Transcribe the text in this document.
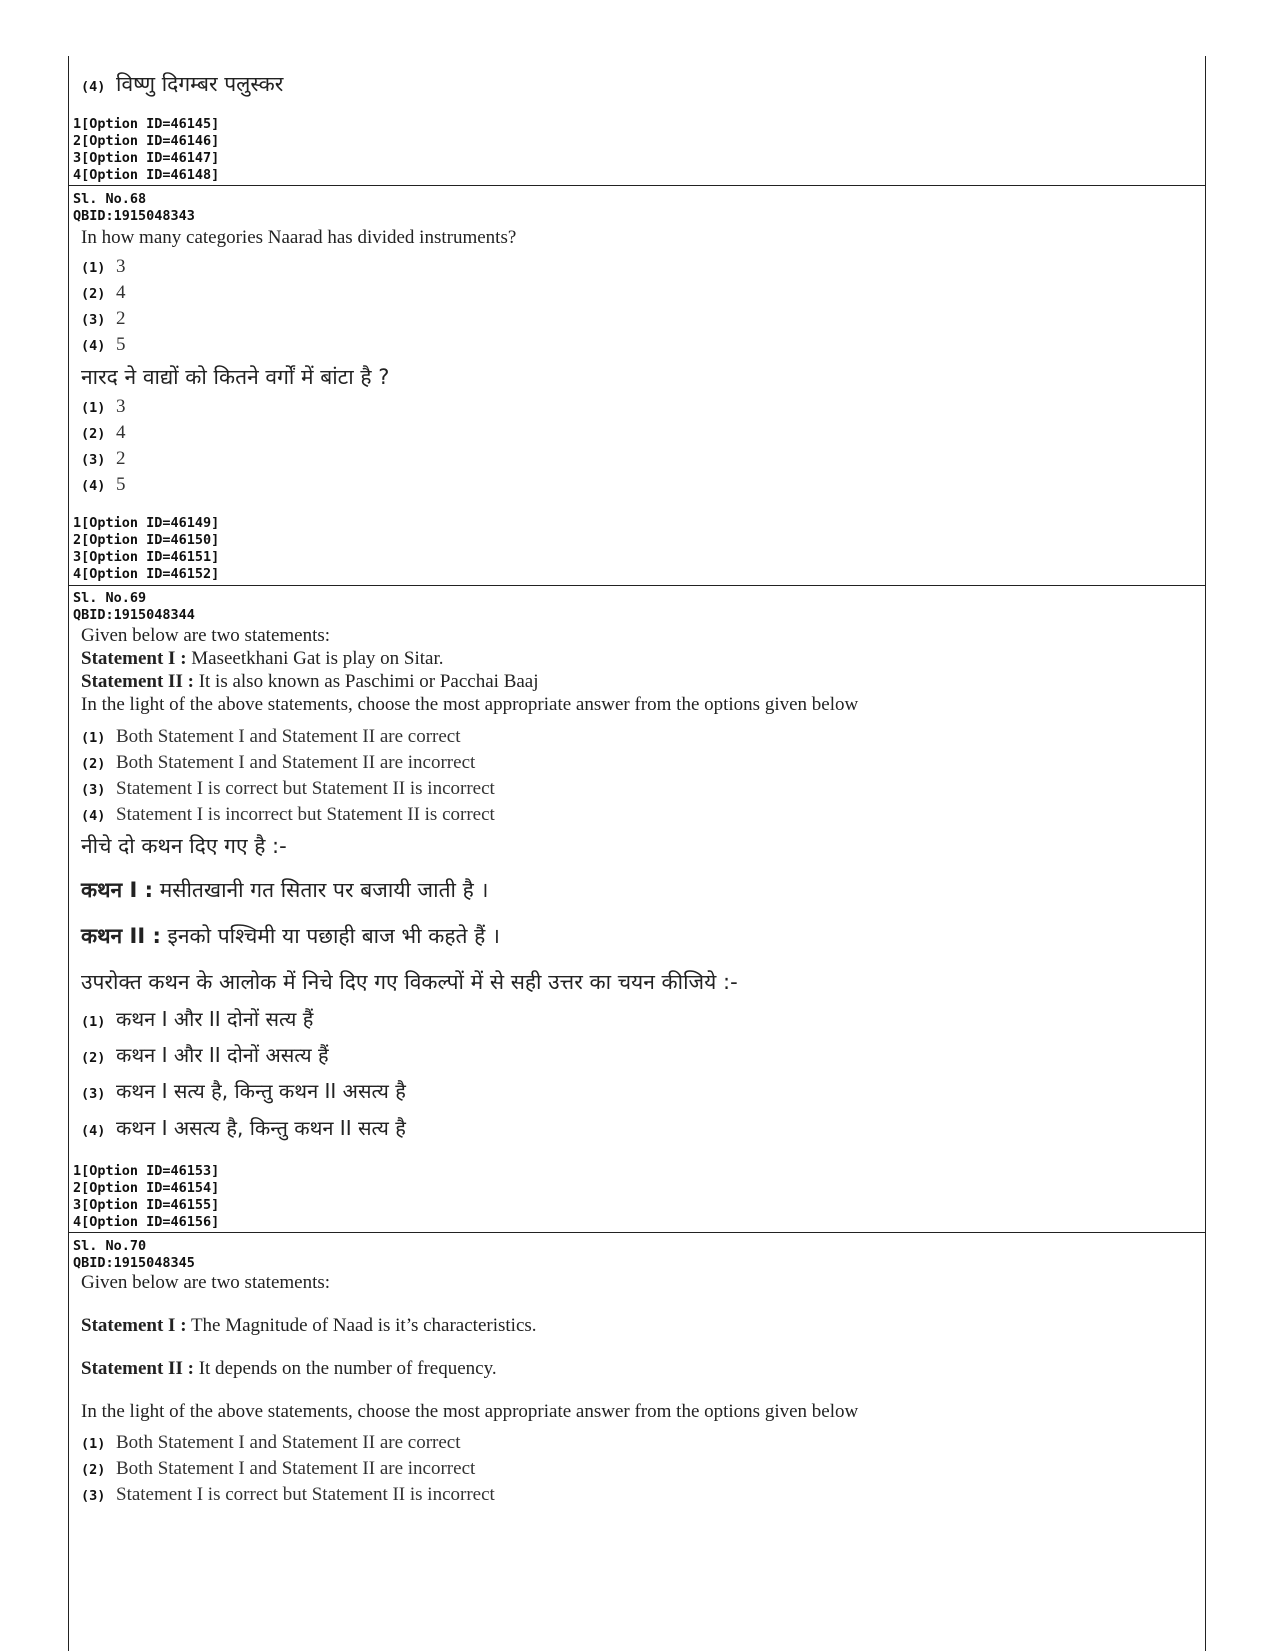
(4) विष्णु दिगम्बर पलुस्कर
1[Option ID=46145]
2[Option ID=46146]
3[Option ID=46147]
4[Option ID=46148]
Sl. No.68
QBID:1915048343
In how many categories Naarad has divided instruments?
(1) 3
(2) 4
(3) 2
(4) 5
नारद ने वाद्यों को कितने वर्गों में बांटा है ?
(1) 3
(2) 4
(3) 2
(4) 5
1[Option ID=46149]
2[Option ID=46150]
3[Option ID=46151]
4[Option ID=46152]
Sl. No.69
QBID:1915048344
Given below are two statements:
Statement I : Maseetkhani Gat is play on Sitar.
Statement II : It is also known as Paschimi or Pacchai Baaj
In the light of the above statements, choose the most appropriate answer from the options given below
(1) Both Statement I and Statement II are correct
(2) Both Statement I and Statement II are incorrect
(3) Statement I is correct but Statement II is incorrect
(4) Statement I is incorrect but Statement II is correct
नीचे दो कथन दिए गए है :-
कथन I : मसीतखानी गत सितार पर बजायी जाती है ।
कथन II : इनको पश्चिमी या पछाही बाज भी कहते हैं ।
उपरोक्त कथन के आलोक में निचे दिए गए विकल्पों में से सही उत्तर का चयन कीजिये :-
(1) कथन I और II दोनों सत्य हैं
(2) कथन I और II दोनों असत्य हैं
(3) कथन I सत्य है, किन्तु कथन II असत्य है
(4) कथन I असत्य है, किन्तु कथन II सत्य है
1[Option ID=46153]
2[Option ID=46154]
3[Option ID=46155]
4[Option ID=46156]
Sl. No.70
QBID:1915048345
Given below are two statements:
Statement I : The Magnitude of Naad is it’s characteristics.
Statement II : It depends on the number of frequency.
In the light of the above statements, choose the most appropriate answer from the options given below
(1) Both Statement I and Statement II are correct
(2) Both Statement I and Statement II are incorrect
(3) Statement I is correct but Statement II is incorrect
